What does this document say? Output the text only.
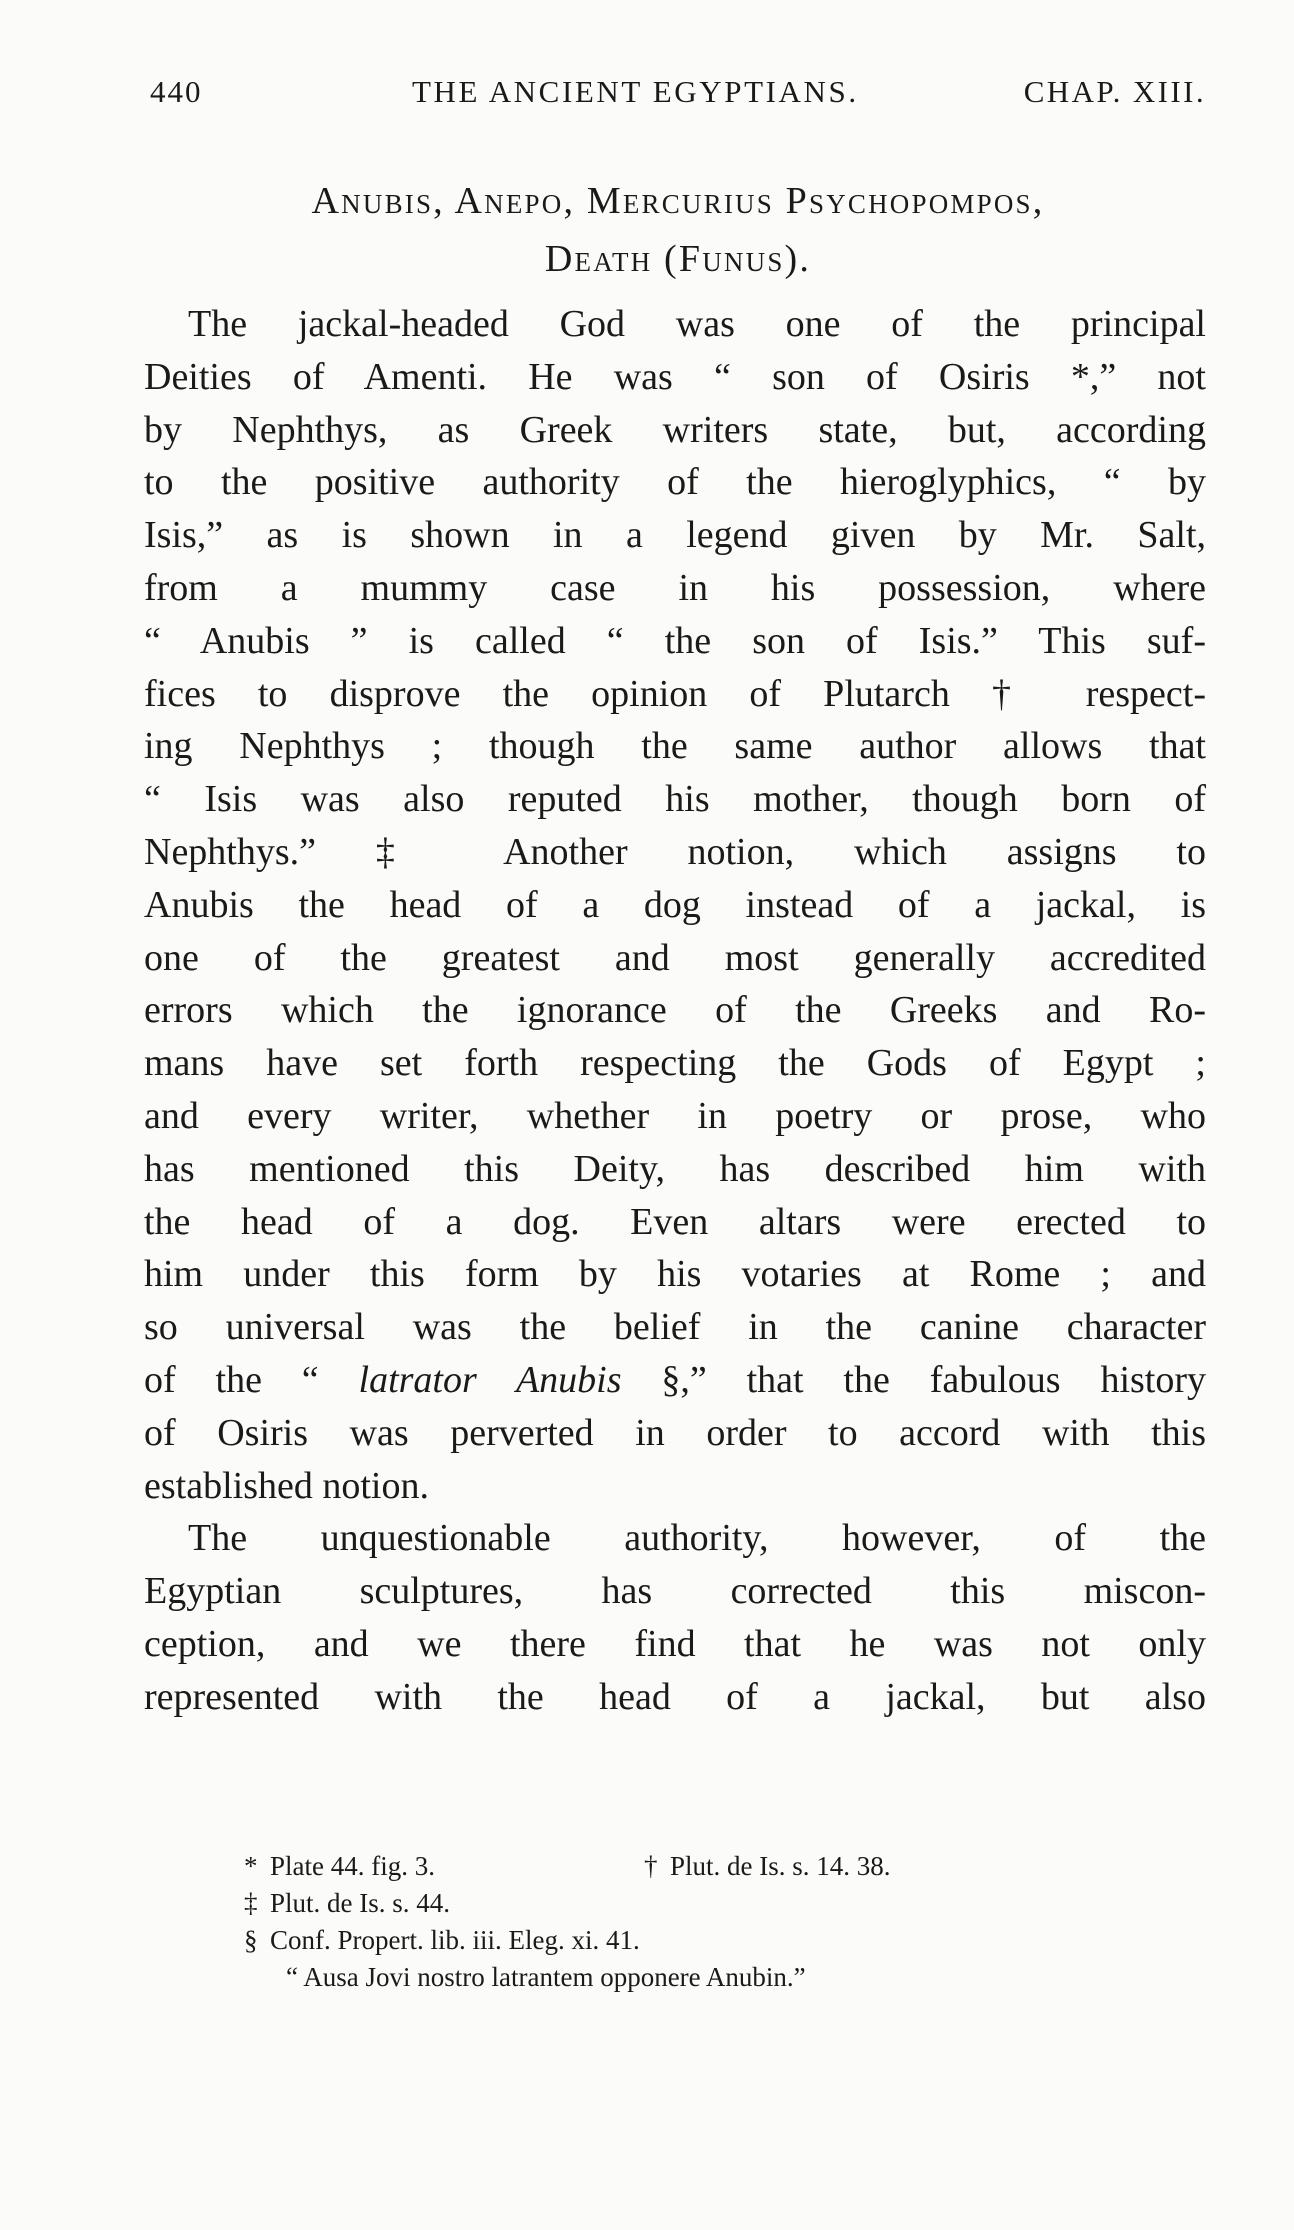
440	THE ANCIENT EGYPTIANS.	CHAP. XIII.
Anubis, Anepo, Mercurius Psychopompos,
Death (Funus).
The jackal-headed God was one of the principal
Deities of Amenti. He was “ son of Osiris *,” not
by Nephthys, as Greek writers state, but, according
to the positive authority of the hieroglyphics, “ by
Isis,” as is shown in a legend given by Mr. Salt,
from a mummy case in his possession, where
“ Anubis ” is called “ the son of Isis.” This suf-
fices to disprove the opinion of Plutarch † respect-
ing Nephthys ; though the same author allows that
“ Isis was also reputed his mother, though born of
Nephthys.” ‡ Another notion, which assigns to
Anubis the head of a dog instead of a jackal, is
one of the greatest and most generally accredited
errors which the ignorance of the Greeks and Ro-
mans have set forth respecting the Gods of Egypt ;
and every writer, whether in poetry or prose, who
has mentioned this Deity, has described him with
the head of a dog. Even altars were erected to
him under this form by his votaries at Rome ; and
so universal was the belief in the canine character
of the “ latrator Anubis §,” that the fabulous history
of Osiris was perverted in order to accord with this
established notion.
The unquestionable authority, however, of the
Egyptian sculptures, has corrected this miscon-
ception, and we there find that he was not only
represented with the head of a jackal, but also
* Plate 44. fig. 3.	† Plut. de Is. s. 14. 38.
‡ Plut. de Is. s. 44.
§ Conf. Propert. lib. iii. Eleg. xi. 41.
“ Ausa Jovi nostro latrantem opponere Anubin.”
